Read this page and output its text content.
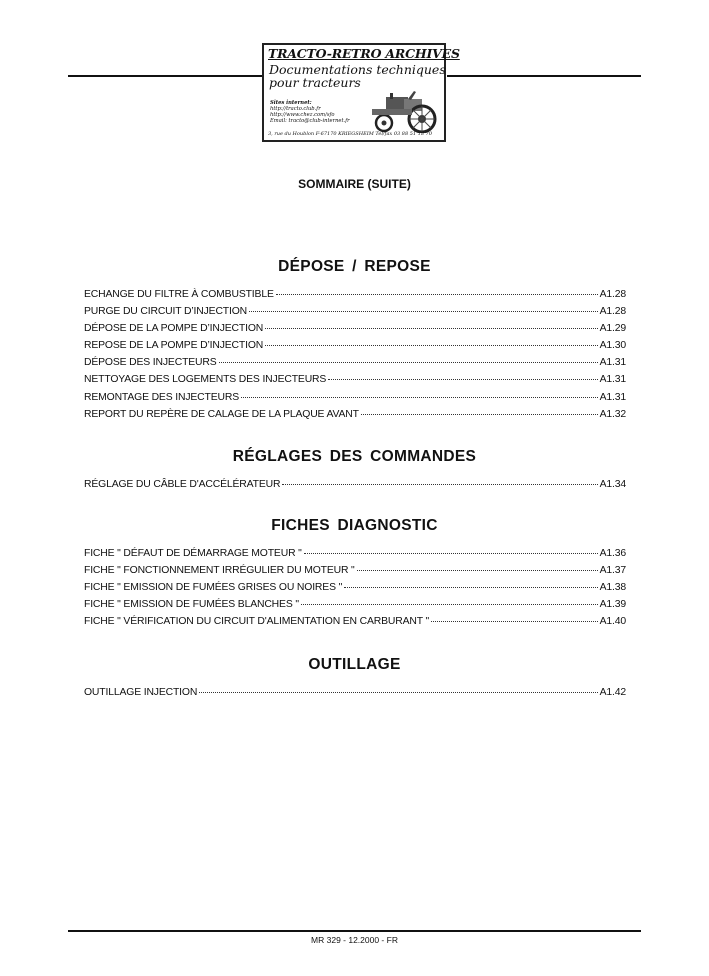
TRACTO-RETRO ARCHIVES
Documentations techniques
pour tracteurs
Sites internet:
http://tracto.club.fr
http://www.chez.com/sfo
Email: tracto@club-internet.fr
3, rue du Houblon F-67170 KRIEGSHEIM Tel/fax 03 88 51 18 70
SOMMAIRE (SUITE)
DÉPOSE / REPOSE
ECHANGE DU FILTRE À COMBUSTIBLE	A1.28
PURGE DU CIRCUIT D’INJECTION	A1.28
DÉPOSE DE LA POMPE D’INJECTION	A1.29
REPOSE DE LA POMPE D’INJECTION	A1.30
DÉPOSE DES INJECTEURS	A1.31
NETTOYAGE DES LOGEMENTS DES INJECTEURS	A1.31
REMONTAGE DES INJECTEURS	A1.31
REPORT DU REPÈRE DE CALAGE DE LA PLAQUE AVANT	A1.32
RÉGLAGES DES COMMANDES
RÉGLAGE DU CÂBLE D'ACCÉLÉRATEUR	A1.34
FICHES DIAGNOSTIC
FICHE " DÉFAUT DE DÉMARRAGE MOTEUR "	A1.36
FICHE " FONCTIONNEMENT IRRÉGULIER DU MOTEUR "	A1.37
FICHE " EMISSION DE FUMÉES GRISES OU NOIRES "	A1.38
FICHE " EMISSION DE FUMÉES BLANCHES "	A1.39
FICHE " VÉRIFICATION DU CIRCUIT D'ALIMENTATION EN CARBURANT "	A1.40
OUTILLAGE
OUTILLAGE INJECTION	A1.42
MR 329 - 12.2000 - FR
